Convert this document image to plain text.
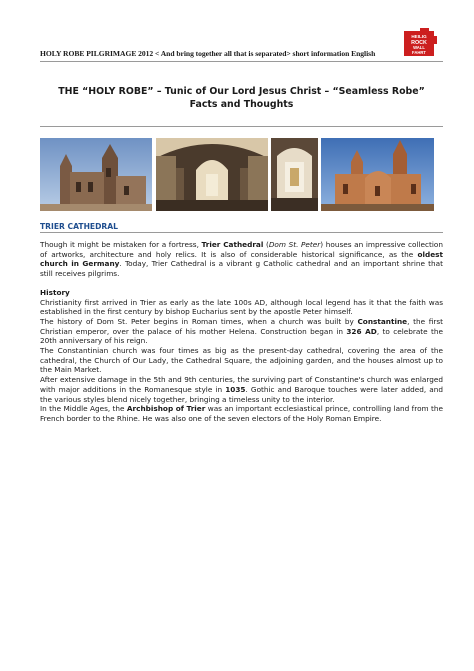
HOLY ROBE PILGRIMAGE 2012 < And bring together all that is separated> short information English
HEILIG
ROCK
WALL
FAHRT
THE “HOLY ROBE” – Tunic of Our Lord Jesus Christ – “Seamless Robe”
Facts and Thoughts
TRIER CATHEDRAL

Though it might be mistaken for a fortress, Trier Cathedral (Dom St. Peter) houses an impressive collection of artworks, architecture and holy relics. It is also of considerable historical significance, as the oldest church in Germany. Today, Trier Cathedral is a vibrant g Catholic cathedral and an important shrine that still receives pilgrims.

History

Christianity first arrived in Trier as early as the late 100s AD, although local legend has it that the faith was established in the first century by bishop Eucharius sent by the apostle Peter himself.

The history of Dom St. Peter begins in Roman times, when a church was built by Constantine, the first Christian emperor, over the palace of his mother Helena. Construction began in 326 AD, to celebrate the 20th anniversary of his reign.

The Constantinian church was four times as big as the present-day cathedral, covering the area of the cathedral, the Church of Our Lady, the Cathedral Square, the adjoining garden, and the houses almost up to the Main Market.

After extensive damage in the 5th and 9th centuries, the surviving part of Constantine's church was enlarged with major additions in the Romanesque style in 1035. Gothic and Baroque touches were later added, and the various styles blend nicely together, bringing a timeless unity to the interior.

In the Middle Ages, the Archbishop of Trier was an important ecclesiastical prince, controlling land from the French border to the Rhine. He was also one of the seven electors of the Holy Roman Empire.
